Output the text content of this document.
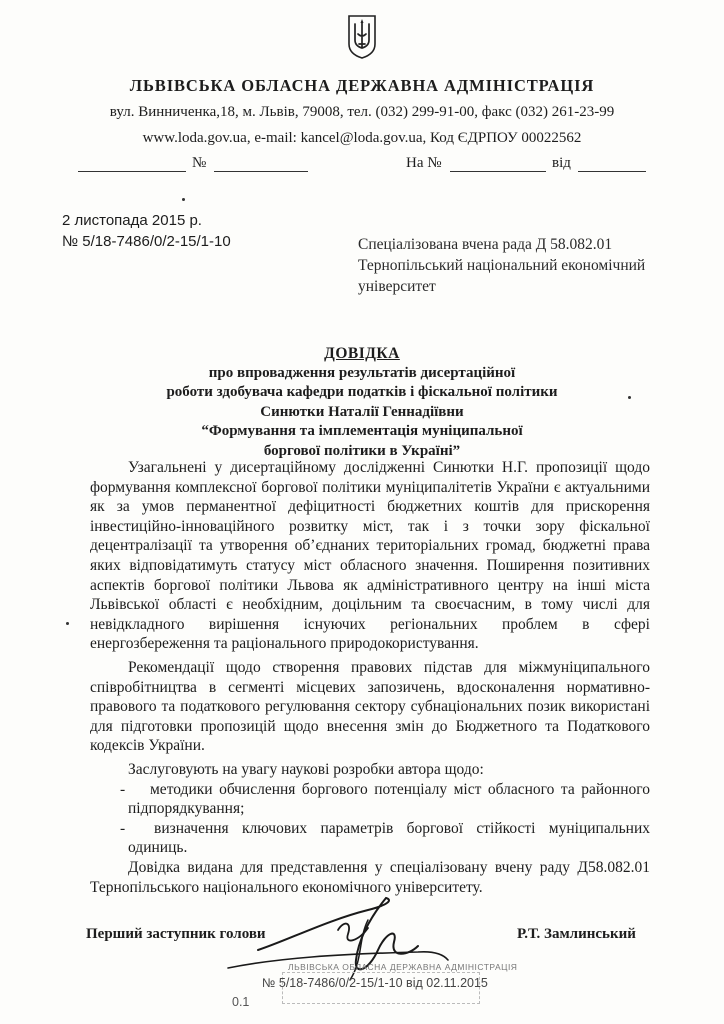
ЛЬВІВСЬКА ОБЛАСНА ДЕРЖАВНА АДМІНІСТРАЦІЯ
вул. Винниченка,18, м. Львів, 79008, тел. (032) 299-91-00, факс (032) 261-23-99
www.loda.gov.ua, e-mail: kancel@loda.gov.ua, Код ЄДРПОУ 00022562
№	На №	від
2 листопада 2015 р.
№ 5/18-7486/0/2-15/1-10	Спеціалізована вчена рада Д 58.082.01
Тернопільський національний економічний
університет
ДОВІДКА
про впровадження результатів дисертаційної
роботи здобувача кафедри податків і фіскальної політики
Синютки Наталії Геннадіївни
“Формування та імплементація муніципальної
боргової політики в Україні”

Узагальнені у дисертаційному дослідженні Синютки Н.Г. пропозиції щодо формування комплексної боргової політики муніципалітетів України є актуальними як за умов перманентної дефіцитності бюджетних коштів для прискорення інвестиційно-інноваційного розвитку міст, так і з точки зору фіскальної децентралізації та утворення об’єднаних територіальних громад, бюджетні права яких відповідатимуть статусу міст обласного значення. Поширення позитивних аспектів боргової політики Львова як адміністративного центру на інші міста Львівської області є необхідним, доцільним та своєчасним, в тому числі для невідкладного вирішення існуючих регіональних проблем в сфері енергозбереження та раціонального природокористування.

Рекомендації щодо створення правових підстав для міжмуніципального співробітництва в сегменті місцевих запозичень, вдосконалення нормативно-правового та податкового регулювання сектору субнаціональних позик використані для підготовки пропозицій щодо внесення змін до Бюджетного та Податкового кодексів України.

Заслуговують на увагу наукові розробки автора щодо:

-	методики обчислення боргового потенціалу міст обласного та районного підпорядкування;
-	визначення ключових параметрів боргової стійкості муніципальних одиниць.
Довідка видана для представлення у спеціалізовану вчену раду Д58.082.01 Тернопільського національного економічного університету.
Перший заступник голови	Р.Т. Замлинський
ЛЬВІВСЬКА ОБЛАСНА ДЕРЖАВНА АДМІНІСТРАЦІЯ
№ 5/18-7486/0/2-15/1-10 від 02.11.2015
0.1
